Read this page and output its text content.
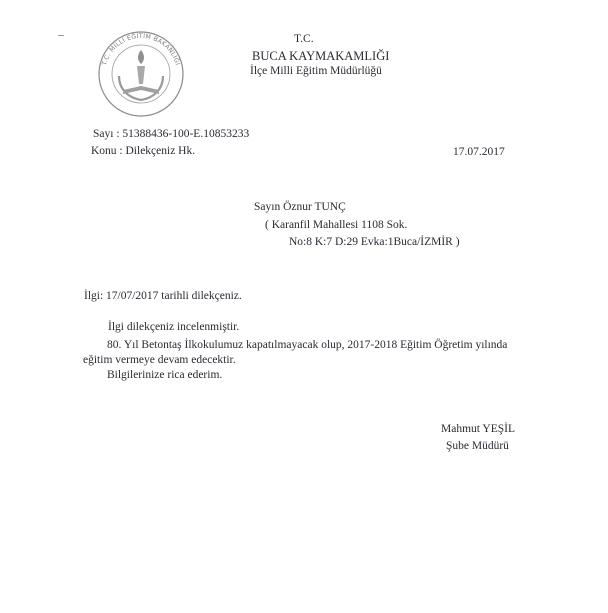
T.C. MİLLİ EĞİTİM BAKANLIĞI
T.C.
BUCA KAYMAKAMLIĞI
İlçe Milli Eğitim Müdürlüğü
Sayı : 51388436-100-E.10853233
Konu : Dilekçeniz Hk.	17.07.2017
Sayın Öznur TUNÇ
( Karanfil Mahallesi 1108 Sok.
No:8 K:7 D:29 Evka:1Buca/İZMİR )
İlgi: 17/07/2017 tarihli dilekçeniz.
İlgi dilekçeniz incelenmiştir.
80. Yıl Betontaş İlkokulumuz kapatılmayacak olup, 2017-2018 Eğitim Öğretim yılında
eğitim vermeye devam edecektir.
Bilgilerinize rica ederim.
Mahmut YEŞİL
Şube Müdürü
